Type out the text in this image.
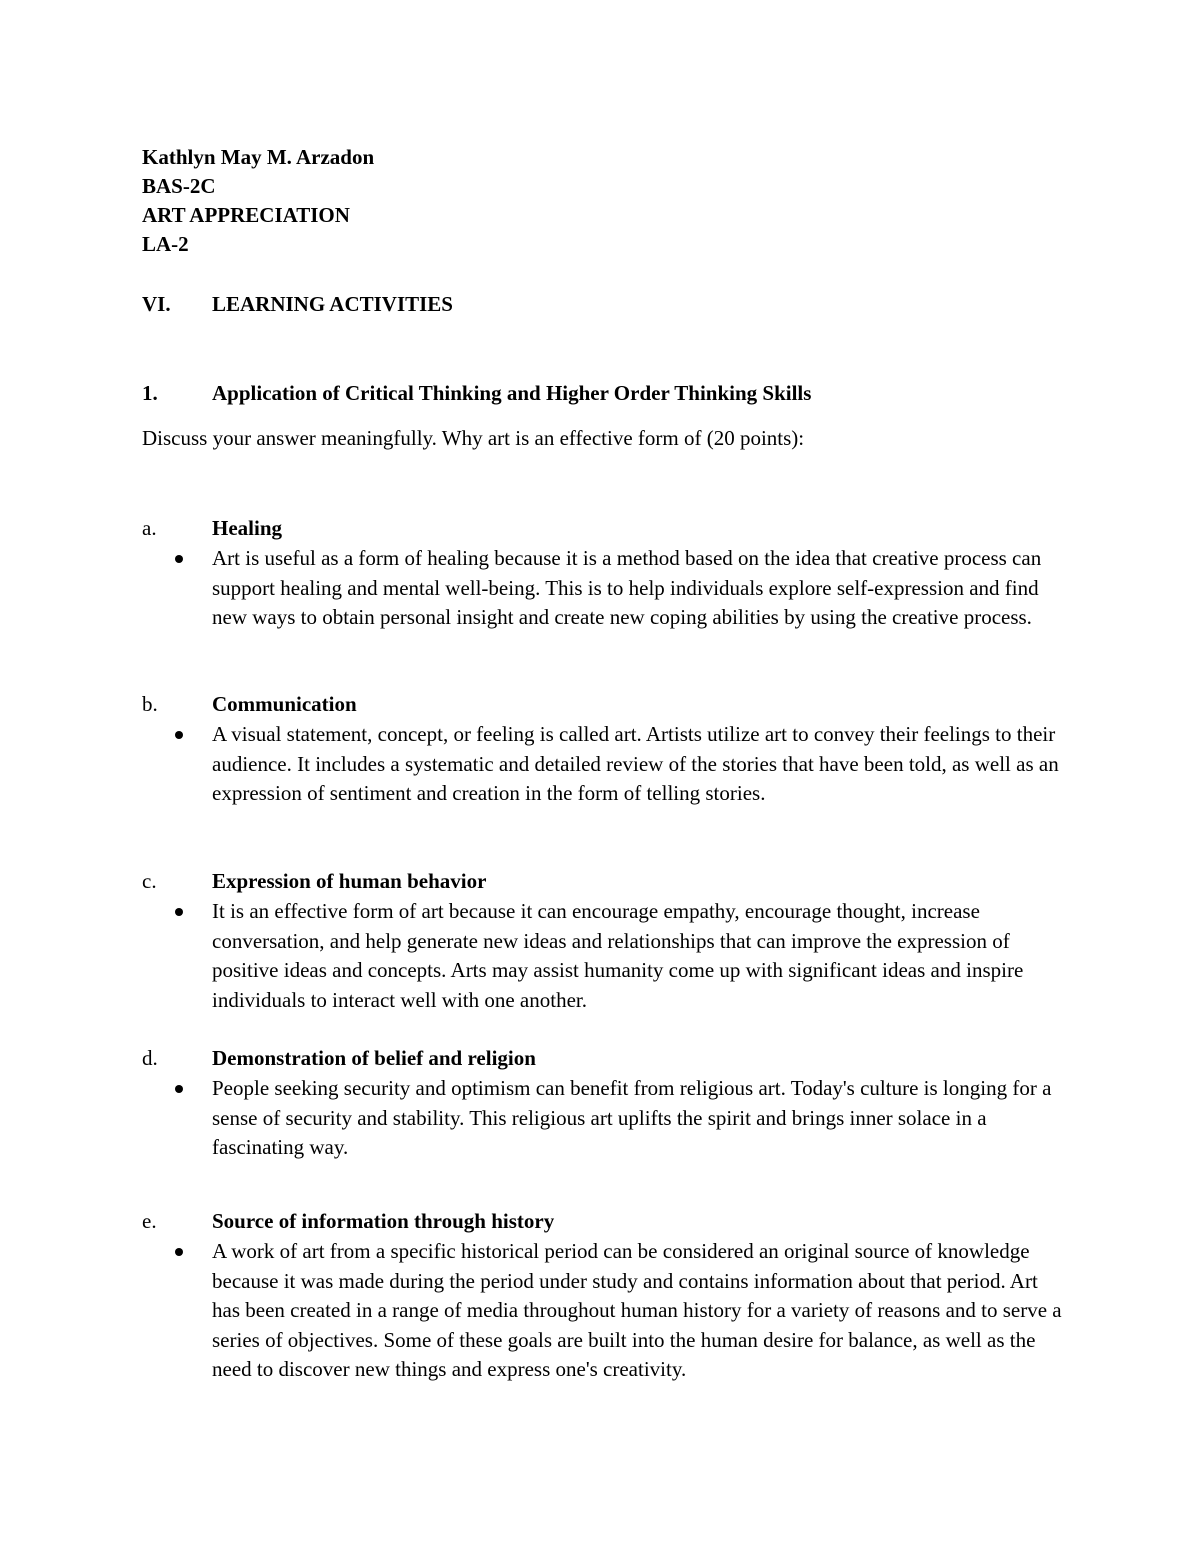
Kathlyn May M. Arzadon
BAS-2C
ART APPRECIATION
LA-2
VI. LEARNING ACTIVITIES
1.	Application of Critical Thinking and Higher Order Thinking Skills
Discuss your answer meaningfully. Why art is an effective form of (20 points):
a.	Healing
Art is useful as a form of healing because it is a method based on the idea that creative process can support healing and mental well-being. This is to help individuals explore self-expression and find new ways to obtain personal insight and create new coping abilities by using the creative process.
b.	Communication
A visual statement, concept, or feeling is called art. Artists utilize art to convey their feelings to their audience. It includes a systematic and detailed review of the stories that have been told, as well as an expression of sentiment and creation in the form of telling stories.
c.	Expression of human behavior
It is an effective form of art because it can encourage empathy, encourage thought, increase conversation, and help generate new ideas and relationships that can improve the expression of positive ideas and concepts. Arts may assist humanity come up with significant ideas and inspire individuals to interact well with one another.
d.	Demonstration of belief and religion
People seeking security and optimism can benefit from religious art. Today's culture is longing for a sense of security and stability. This religious art uplifts the spirit and brings inner solace in a fascinating way.
e.	Source of information through history
A work of art from a specific historical period can be considered an original source of knowledge because it was made during the period under study and contains information about that period. Art has been created in a range of media throughout human history for a variety of reasons and to serve a series of objectives. Some of these goals are built into the human desire for balance, as well as the need to discover new things and express one's creativity.
